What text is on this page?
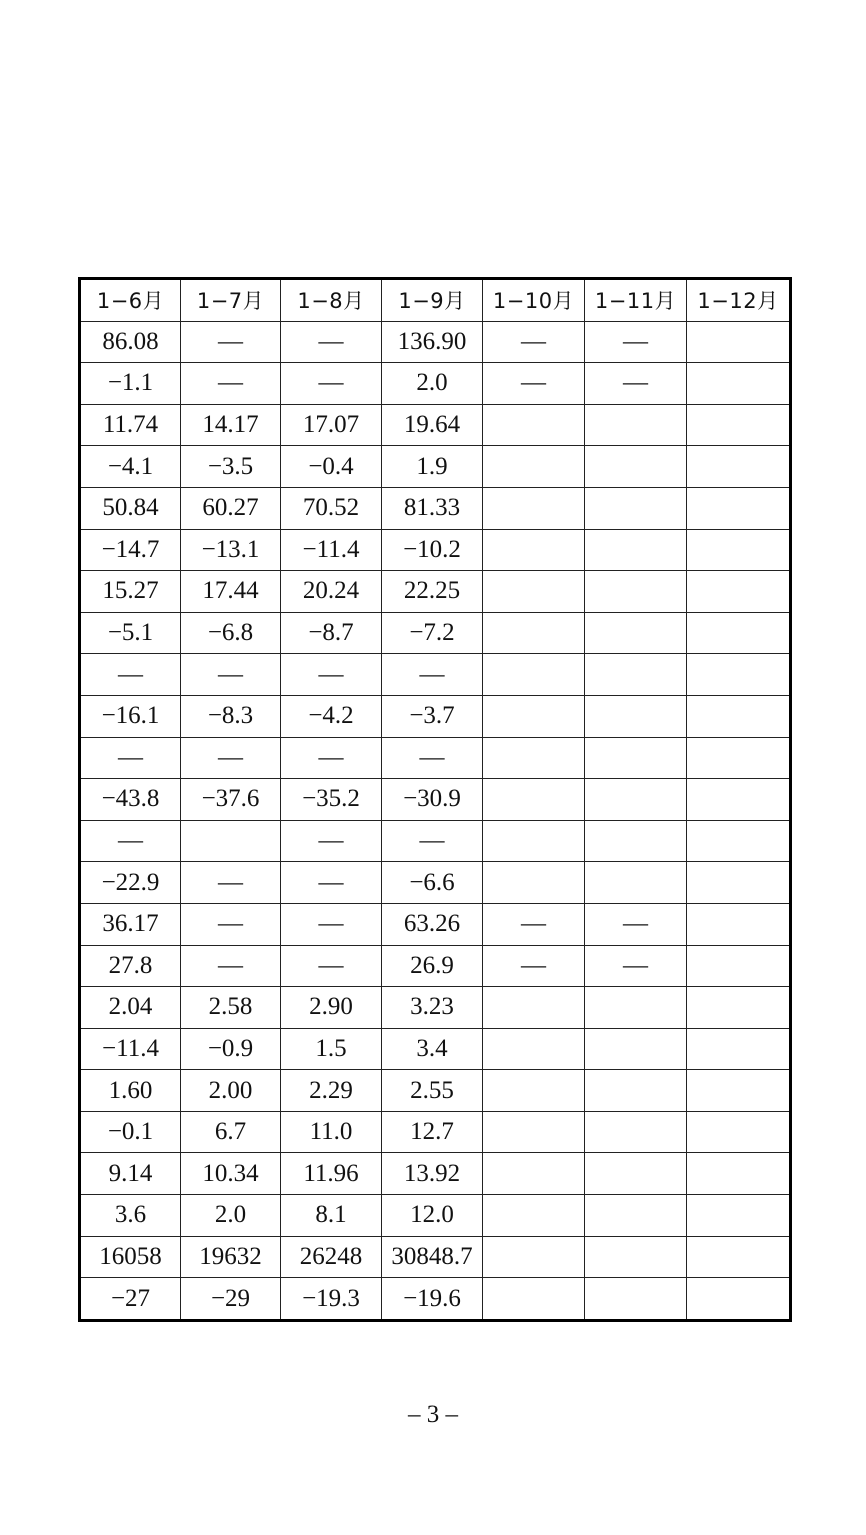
1−6月	1−7月	1−8月	1−9月	1−10月	1−11月	1−12月
86.08	—	—	136.90	—	—	
−1.1	—	—	2.0	—	—	
11.74	14.17	17.07	19.64			
−4.1	−3.5	−0.4	1.9			
50.84	60.27	70.52	81.33			
−14.7	−13.1	−11.4	−10.2			
15.27	17.44	20.24	22.25			
−5.1	−6.8	−8.7	−7.2			
—	—	—	—			
−16.1	−8.3	−4.2	−3.7			
—	—	—	—			
−43.8	−37.6	−35.2	−30.9			
—		—	—			
−22.9	—	—	−6.6			
36.17	—	—	63.26	—	—	
27.8	—	—	26.9	—	—	
2.04	2.58	2.90	3.23			
−11.4	−0.9	1.5	3.4			
1.60	2.00	2.29	2.55			
−0.1	6.7	11.0	12.7			
9.14	10.34	11.96	13.92			
3.6	2.0	8.1	12.0			
16058	19632	26248	30848.7			
−27	−29	−19.3	−19.6			
– 3 –
